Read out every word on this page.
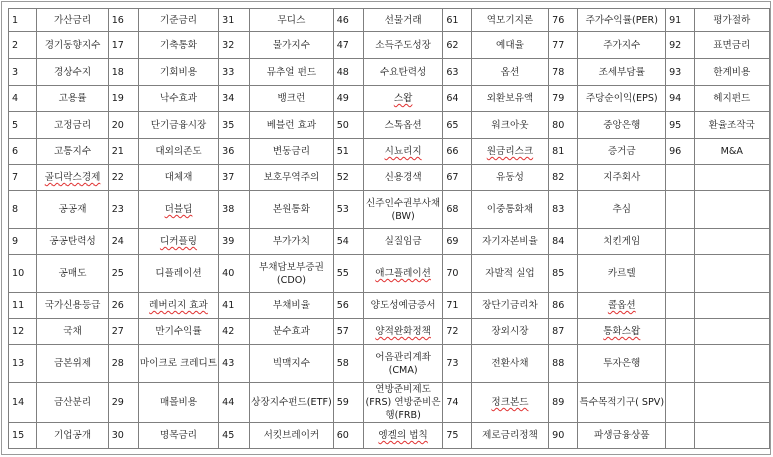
1	가산금리	16	기준금리	31	무디스	46	선물거래	61	역모기지론	76	주가수익률(PER)	91	평가절하
2	경기동향지수	17	기축통화	32	물가지수	47	소득주도성장	62	예대율	77	주가지수	92	표면금리
3	경상수지	18	기회비용	33	뮤추얼 펀드	48	수요탄력성	63	옵션	78	조세부담률	93	한계비용
4	고용률	19	낙수효과	34	뱅크런	49	스왑	64	외환보유액	79	주당순이익(EPS)	94	헤지펀드
5	고정금리	20	단기금융시장	35	베블런 효과	50	스톡옵션	65	워크아웃	80	중앙은행	95	환율조작국
6	고통지수	21	대외의존도	36	변동금리	51	시뇨리지	66	원금리스크	81	증거금	96	M&A
7	골디락스경제	22	대체재	37	보호무역주의	52	신용경색	67	유동성	82	지주회사		
8	공공재	23	더블딥	38	본원통화	53	신주인수권부사채(BW)	68	이중통화채	83	추심		
9	공공탄력성	24	디커플링	39	부가가치	54	실질임금	69	자기자본비율	84	치킨게임		
10	공매도	25	디플레이션	40	부채담보부증권(CDO)	55	애그플레이션	70	자발적 실업	85	카르텔		
11	국가신용등급	26	레버리지 효과	41	부채비율	56	양도성예금증서	71	장단기금리차	86	콜옵션		
12	국채	27	만기수익률	42	분수효과	57	양적완화정책	72	장외시장	87	통화스왑		
13	금본위제	28	마이크로 크레디트	43	빅맥지수	58	어음관리계좌(CMA)	73	전환사채	88	투자은행		
14	금산분리	29	매몰비용	44	상장지수펀드(ETF)	59	연방준비제도(FRS) 연방준비은행(FRB)	74	정크본드	89	특수목적기구( SPV)		
15	기업공개	30	명목금리	45	서킷브레이커	60	엥겔의 법칙	75	제로금리정책	90	파생금융상품		
